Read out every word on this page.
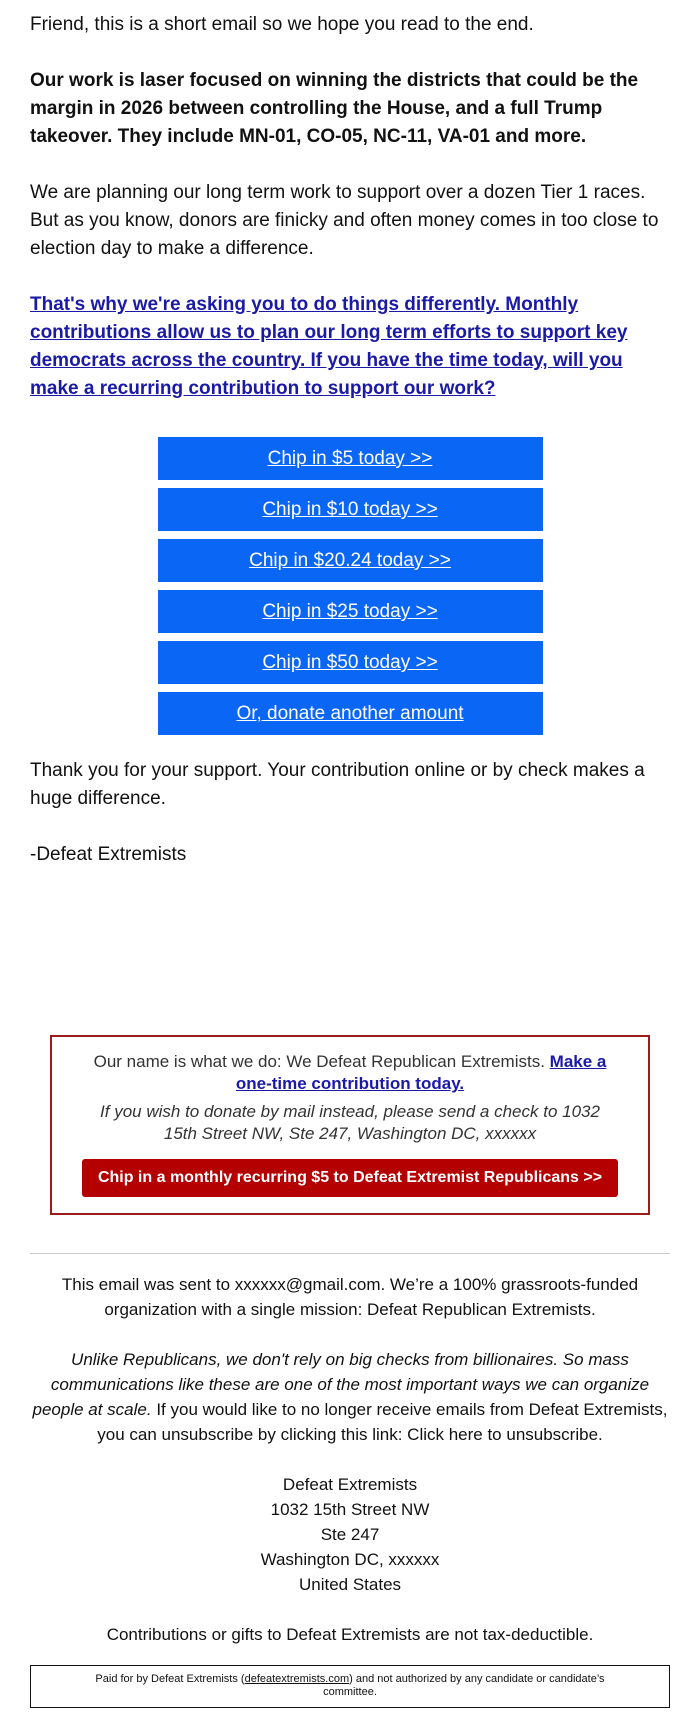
Friend, this is a short email so we hope you read to the end.

Our work is laser focused on winning the districts that could be the margin in 2026 between controlling the House, and a full Trump takeover. They include MN-01, CO-05, NC-11, VA-01 and more.

We are planning our long term work to support over a dozen Tier 1 races. But as you know, donors are finicky and often money comes in too close to election day to make a difference.

That's why we're asking you to do things differently. Monthly contributions allow us to plan our long term efforts to support key democrats across the country. If you have the time today, will you make a recurring contribution to support our work?

Chip in $5 today >>
Chip in $10 today >>
Chip in $20.24 today >>
Chip in $25 today >>
Chip in $50 today >>
Or, donate another amount

Thank you for your support. Your contribution online or by check makes a huge difference.

-Defeat Extremists

Our name is what we do: We Defeat Republican Extremists. Make a one-time contribution today.

If you wish to donate by mail instead, please send a check to 1032 15th Street NW, Ste 247, Washington DC, xxxxxx

Chip in a monthly recurring $5 to Defeat Extremist Republicans >>

This email was sent to xxxxxx@gmail.com. We’re a 100% grassroots-funded organization with a single mission: Defeat Republican Extremists.

Unlike Republicans, we don't rely on big checks from billionaires. So mass communications like these are one of the most important ways we can organize people at scale. If you would like to no longer receive emails from Defeat Extremists, you can unsubscribe by clicking this link: Click here to unsubscribe.

Defeat Extremists
1032 15th Street NW
Ste 247
Washington DC, xxxxxx
United States

Contributions or gifts to Defeat Extremists are not tax-deductible.

Paid for by Defeat Extremists (defeatextremists.com) and not authorized by any candidate or candidate’s committee.
